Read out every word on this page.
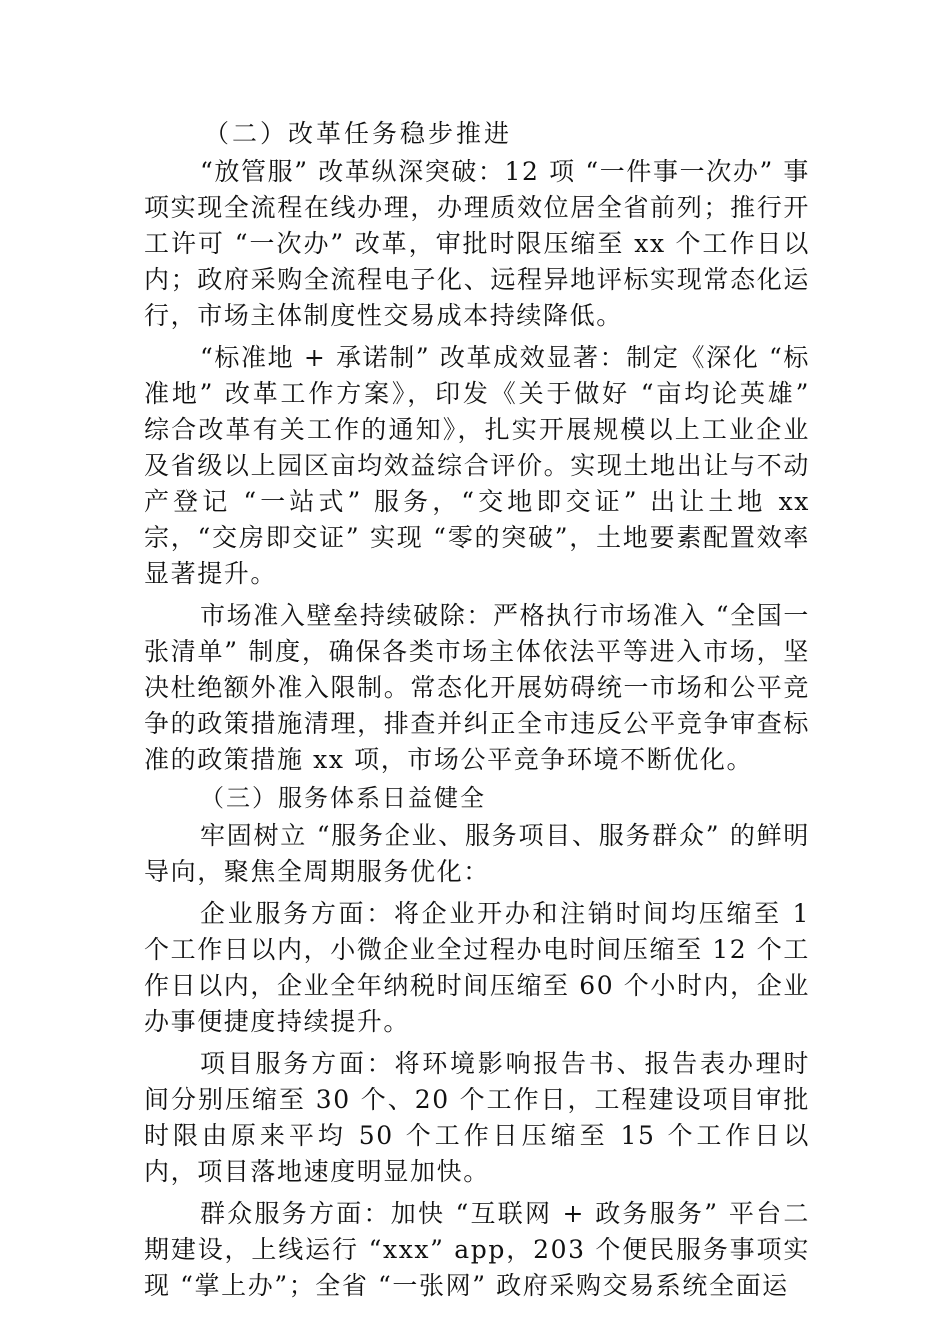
（二）改革任务稳步推进

“放管服” 改革纵深突破：12 项 “一件事一次办” 事项实现全流程在线办理，办理质效位居全省前列；推行开工许可 “一次办” 改革，审批时限压缩至 xx 个工作日以内；政府采购全流程电子化、远程异地评标实现常态化运行，市场主体制度性交易成本持续降低。

“标准地 + 承诺制” 改革成效显著：制定《深化 “标准地” 改革工作方案》，印发《关于做好 “亩均论英雄” 综合改革有关工作的通知》，扎实开展规模以上工业企业及省级以上园区亩均效益综合评价。实现土地出让与不动产登记 “一站式” 服务，“交地即交证” 出让土地 xx 宗，“交房即交证” 实现 “零的突破”，土地要素配置效率显著提升。

市场准入壁垒持续破除：严格执行市场准入 “全国一张清单” 制度，确保各类市场主体依法平等进入市场，坚决杜绝额外准入限制。常态化开展妨碍统一市场和公平竞争的政策措施清理，排查并纠正全市违反公平竞争审查标准的政策措施 xx 项，市场公平竞争环境不断优化。

（三）服务体系日益健全

牢固树立 “服务企业、服务项目、服务群众” 的鲜明导向，聚焦全周期服务优化：

企业服务方面：将企业开办和注销时间均压缩至 1 个工作日以内，小微企业全过程办电时间压缩至 12 个工作日以内，企业全年纳税时间压缩至 60 个小时内，企业办事便捷度持续提升。

项目服务方面：将环境影响报告书、报告表办理时间分别压缩至 30 个、20 个工作日，工程建设项目审批时限由原来平均 50 个工作日压缩至 15 个工作日以内，项目落地速度明显加快。

群众服务方面：加快 “互联网 + 政务服务” 平台二期建设，上线运行 “xxx” app，203 个便民服务事项实现 “掌上办”；全省 “一张网” 政府采购交易系统全面运
